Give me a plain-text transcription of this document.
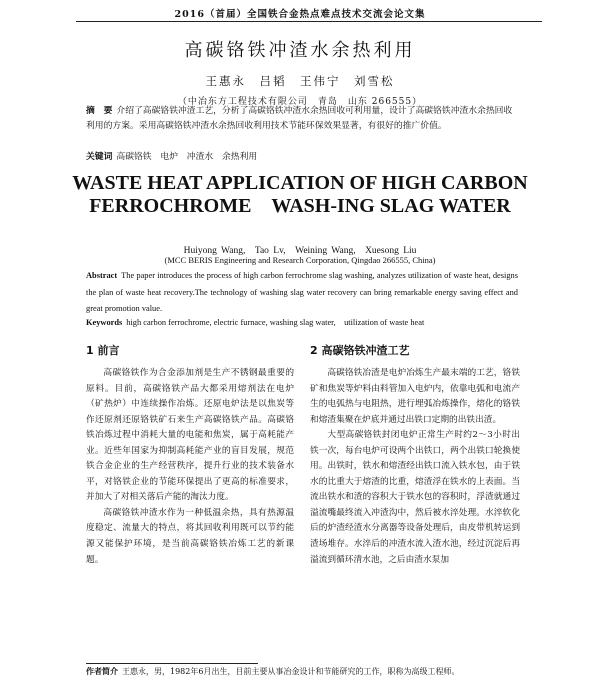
2016（首届）全国铁合金热点难点技术交流会论文集
高碳铬铁冲渣水余热利用
王惠永　吕韬　王伟宁　刘雪松
（中冶东方工程技术有限公司　青岛　山东 266555）
摘　要 介绍了高碳铬铁冲渣工艺，分析了高碳铬铁冲渣水余热回收可利用量，设计了高碳铬铁冲渣水余热回收利用的方案。采用高碳铬铁冲渣水余热回收利用技术节能环保效果显著，有很好的推广价值。
关键词 高碳铬铁　电炉　冲渣水　余热利用
WASTE HEAT APPLICATION OF HIGH CARBON FERROCHROME　WASH-ING SLAG WATER
Huiyong Wang,　Tao Lv,　Weining Wang,　Xuesong Liu
(MCC BERIS Engineering and Research Corporation, Qingdao 266555, China)
Abstract The paper introduces the process of high carbon ferrochrome slag washing, analyzes utilization of waste heat, designs the plan of waste heat recovery.The technology of washing slag water recovery can bring remarkable energy saving effect and great promotion value.
Keywords high carbon ferrochrome, electric furnace, washing slag water,　utilization of waste heat
1 前言

高碳铬铁作为合金添加剂是生产不锈钢最重要的原料。目前，高碳铬铁产品大都采用熔剂法在电炉（矿热炉）中连续操作冶炼。还原电炉法是以焦炭等作还原剂还原铬铁矿石来生产高碳铬铁产品。高碳铬铁冶炼过程中消耗大量的电能和焦炭，属于高耗能产业。近些年国家为抑制高耗能产业的盲目发展，规范铁合金企业的生产经营秩序，提升行业的技术装备水平，对铬铁企业的节能环保提出了更高的标准要求，并加大了对相关落后产能的淘汰力度。

高碳铬铁冲渣水作为一种低温余热，具有热源温度稳定、流量大的特点，将其回收利用既可以节约能源又能保护环境，是当前高碳铬铁冶炼工艺的新课题。

2 高碳铬铁冲渣工艺

高碳铬铁冶渣是电炉冶炼生产最末端的工艺，铬铁矿和焦炭等炉料由料管加入电炉内，依靠电弧和电流产生的电弧热与电阻热，进行埋弧冶炼操作，熔化的铬铁和熔渣集聚在炉底并通过出铁口定期的出铁出渣。

大型高碳铬铁封闭电炉正常生产时约2～3小时出铁一次，每台电炉可设两个出铁口，两个出铁口轮换使用。出铁时，铁水和熔渣经出铁口流入铁水包，由于铁水的比重大于熔渣的比重，熔渣浮在铁水的上表面。当流出铁水和渣的容积大于铁水包的容积时，浮渣就通过溢流嘴最终流入冲渣沟中，然后被水淬处理。水淬软化后的炉渣经渣水分离器等设备处理后，由皮带机转运到渣场堆存。水淬后的冲渣水流入渣水池，经过沉淀后再溢流到循环清水池，之后由渣水泵加

作者简介 王惠永，男，1982年6月出生，目前主要从事冶金设计和节能研究的工作，职称为高级工程师。
